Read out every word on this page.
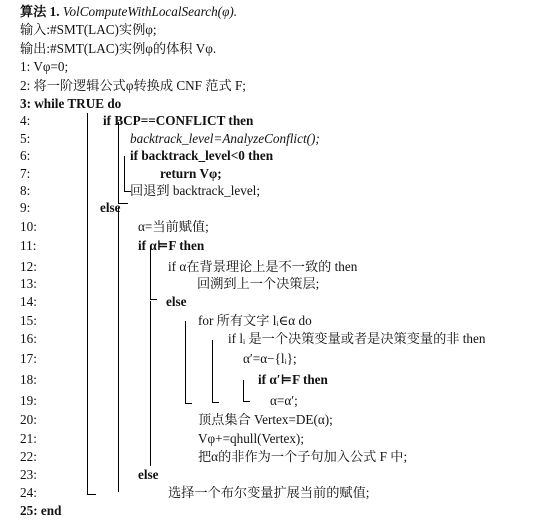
算法 1. VolComputeWithLocalSearch(φ).
输入:#SMT(LAC)实例φ;
输出:#SMT(LAC)实例φ的体积 Vφ.
1: Vφ=0;
2: 将一阶逻辑公式φ转换成 CNF 范式 F;
3: while TRUE do
4:	if BCP==CONFLICT then
5:	backtrack_level=AnalyzeConflict();
6:	if backtrack_level<0 then
7:	return Vφ;
8:	回退到 backtrack_level;
9:	else
10:	α=当前赋值;
11:	if α⊨F then
12:	if α在背景理论上是不一致的 then
13:	回溯到上一个决策层;
14:	else
15:	for 所有文字 lᵢ∈α do
16:	if lᵢ 是一个决策变量或者是决策变量的非 then
17:	α′=α−{lᵢ};
18:	if α′⊨F then
19:	α=α′;
20:	顶点集合 Vertex=DE(α);
21:	Vφ+=qhull(Vertex);
22:	把α的非作为一个子句加入公式 F 中;
23:	else
24:	选择一个布尔变量扩展当前的赋值;
25: end
